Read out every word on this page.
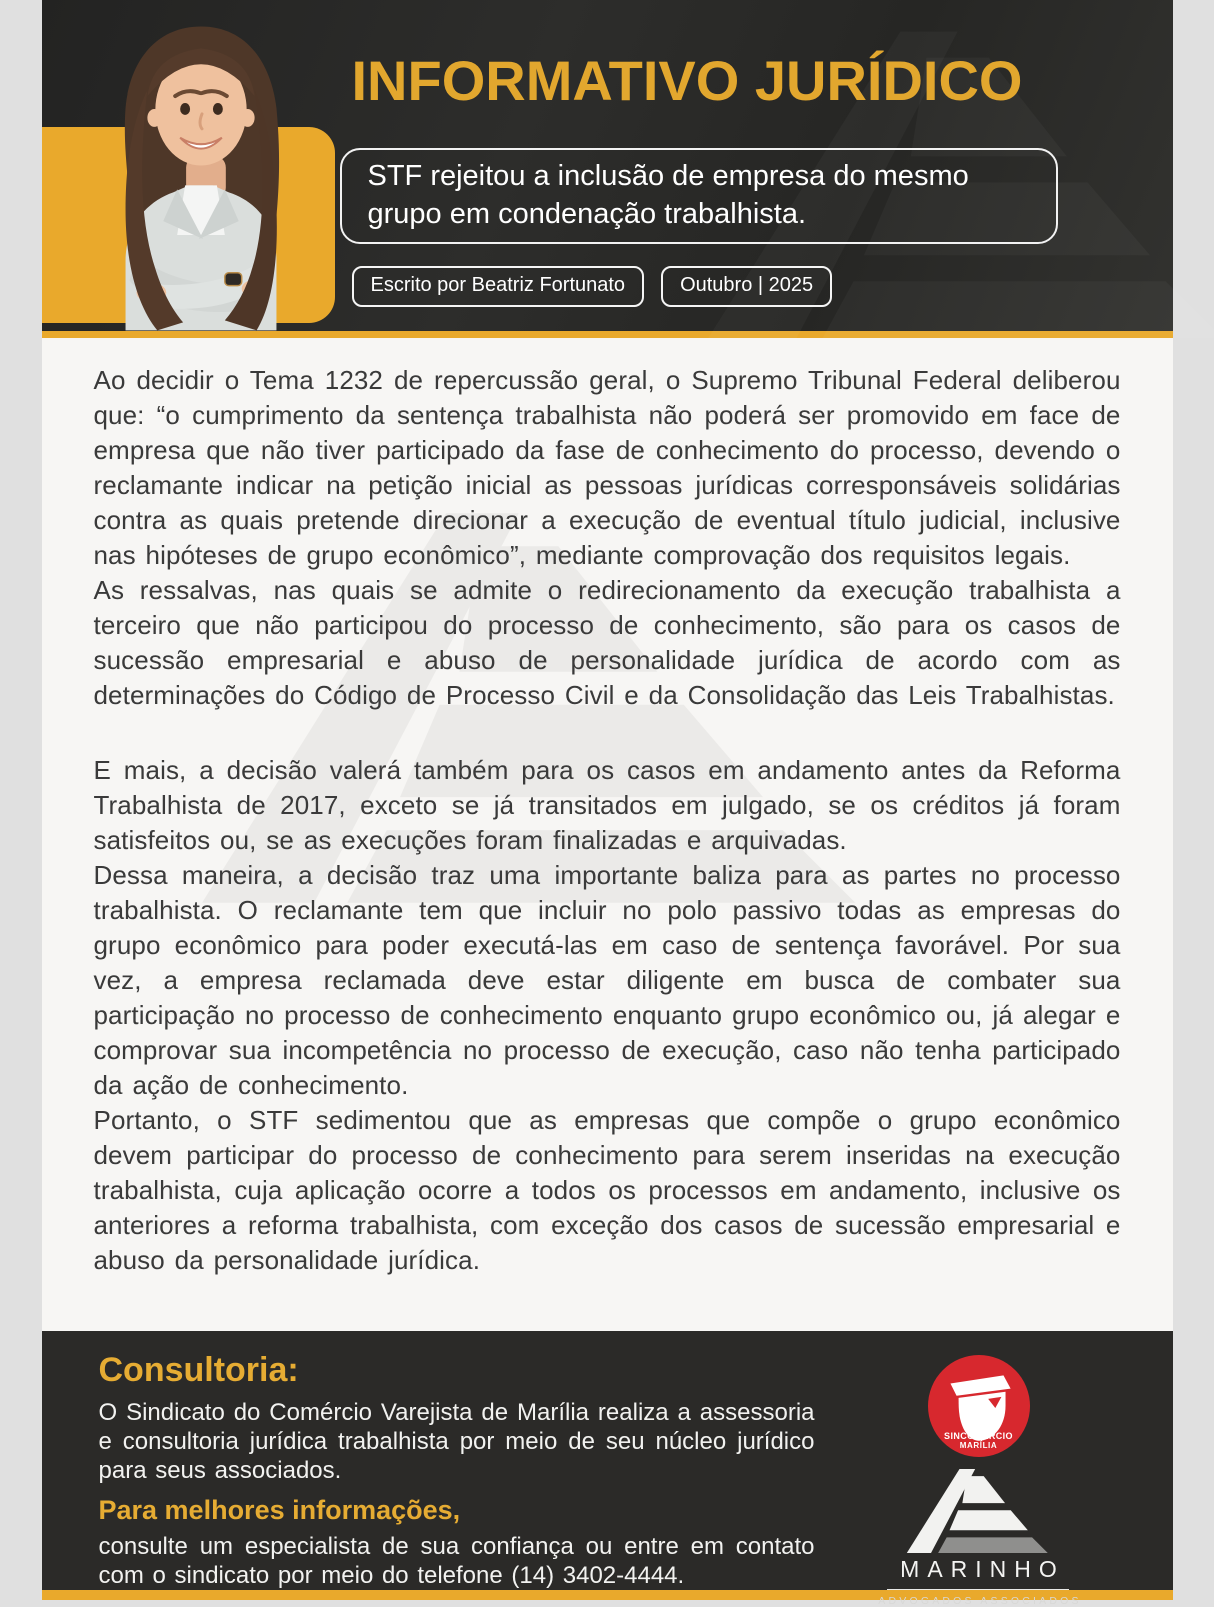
INFORMATIVO JURÍDICO

STF rejeitou a inclusão de empresa do mesmo grupo em condenação trabalhista.

Escrito por Beatriz Fortunato	Outubro | 2025

Ao decidir o Tema 1232 de repercussão geral, o Supremo Tribunal Federal deliberou que: “o cumprimento da sentença trabalhista não poderá ser promovido em face de empresa que não tiver participado da fase de conhecimento do processo, devendo o reclamante indicar na petição inicial as pessoas jurídicas corresponsáveis solidárias contra as quais pretende direcionar a execução de eventual título judicial, inclusive nas hipóteses de grupo econômico”, mediante comprovação dos requisitos legais.

As ressalvas, nas quais se admite o redirecionamento da execução trabalhista a terceiro que não participou do processo de conhecimento, são para os casos de sucessão empresarial e abuso de personalidade jurídica de acordo com as determinações do Código de Processo Civil e da Consolidação das Leis Trabalhistas.

E mais, a decisão valerá também para os casos em andamento antes da Reforma Trabalhista de 2017, exceto se já transitados em julgado, se os créditos já foram satisfeitos ou, se as execuções foram finalizadas e arquivadas.

Dessa maneira, a decisão traz uma importante baliza para as partes no processo trabalhista. O reclamante tem que incluir no polo passivo todas as empresas do grupo econômico para poder executá-las em caso de sentença favorável. Por sua vez, a empresa reclamada deve estar diligente em busca de combater sua participação no processo de conhecimento enquanto grupo econômico ou, já alegar e comprovar sua incompetência no processo de execução, caso não tenha participado da ação de conhecimento.

Portanto, o STF sedimentou que as empresas que compõe o grupo econômico devem participar do processo de conhecimento para serem inseridas na execução trabalhista, cuja aplicação ocorre a todos os processos em andamento, inclusive os anteriores a reforma trabalhista, com exceção dos casos de sucessão empresarial e abuso da personalidade jurídica.

Consultoria:

O Sindicato do Comércio Varejista de Marília realiza a assessoria e consultoria jurídica trabalhista por meio de seu núcleo jurídico para seus associados.

Para melhores informações,

consulte um especialista de sua confiança ou entre em contato com o sindicato por meio do telefone (14) 3402-4444.

SINCOMERCIO
MARÍLIA
MARINHO
ADVOGADOS ASSOCIADOS
